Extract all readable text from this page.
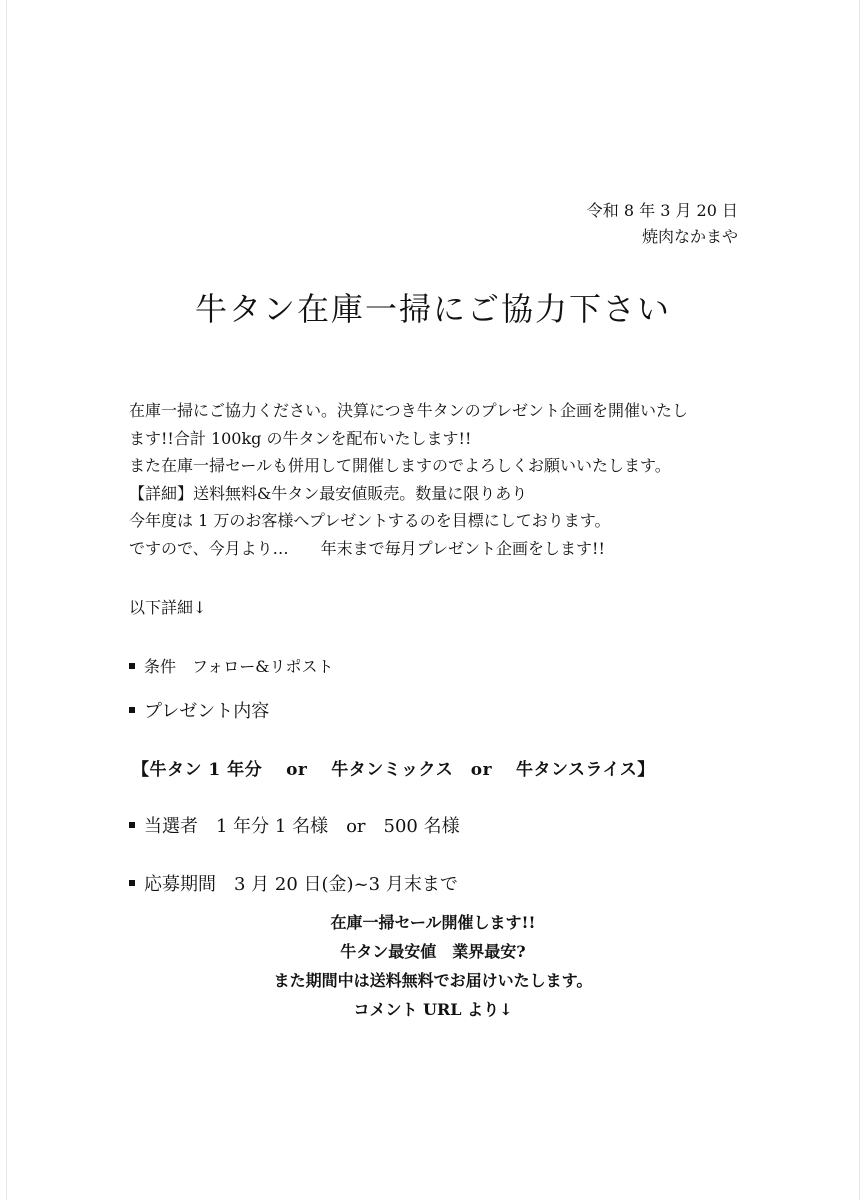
令和 8 年 3 月 20 日
焼肉なかまや
牛タン在庫一掃にご協力下さい
在庫一掃にご協力ください。決算につき牛タンのプレゼント企画を開催いたし
ます!!合計 100kg の牛タンを配布いたします!!
また在庫一掃セールも併用して開催しますのでよろしくお願いいたします。
【詳細】送料無料&牛タン最安値販売。数量に限りあり
今年度は 1 万のお客様へプレゼントするのを目標にしております。
ですので、今月より…　　年末まで毎月プレゼント企画をします!!
以下詳細↓
条件　フォロー&リポスト
プレゼント内容
【牛タン 1 年分　 or　 牛タンミックス　or　 牛タンスライス】
当選者　1 年分 1 名様　or　500 名様
応募期間　3 月 20 日(金)~3 月末まで
在庫一掃セール開催します!!
牛タン最安値　業界最安?
また期間中は送料無料でお届けいたします。
コメント URL より↓
